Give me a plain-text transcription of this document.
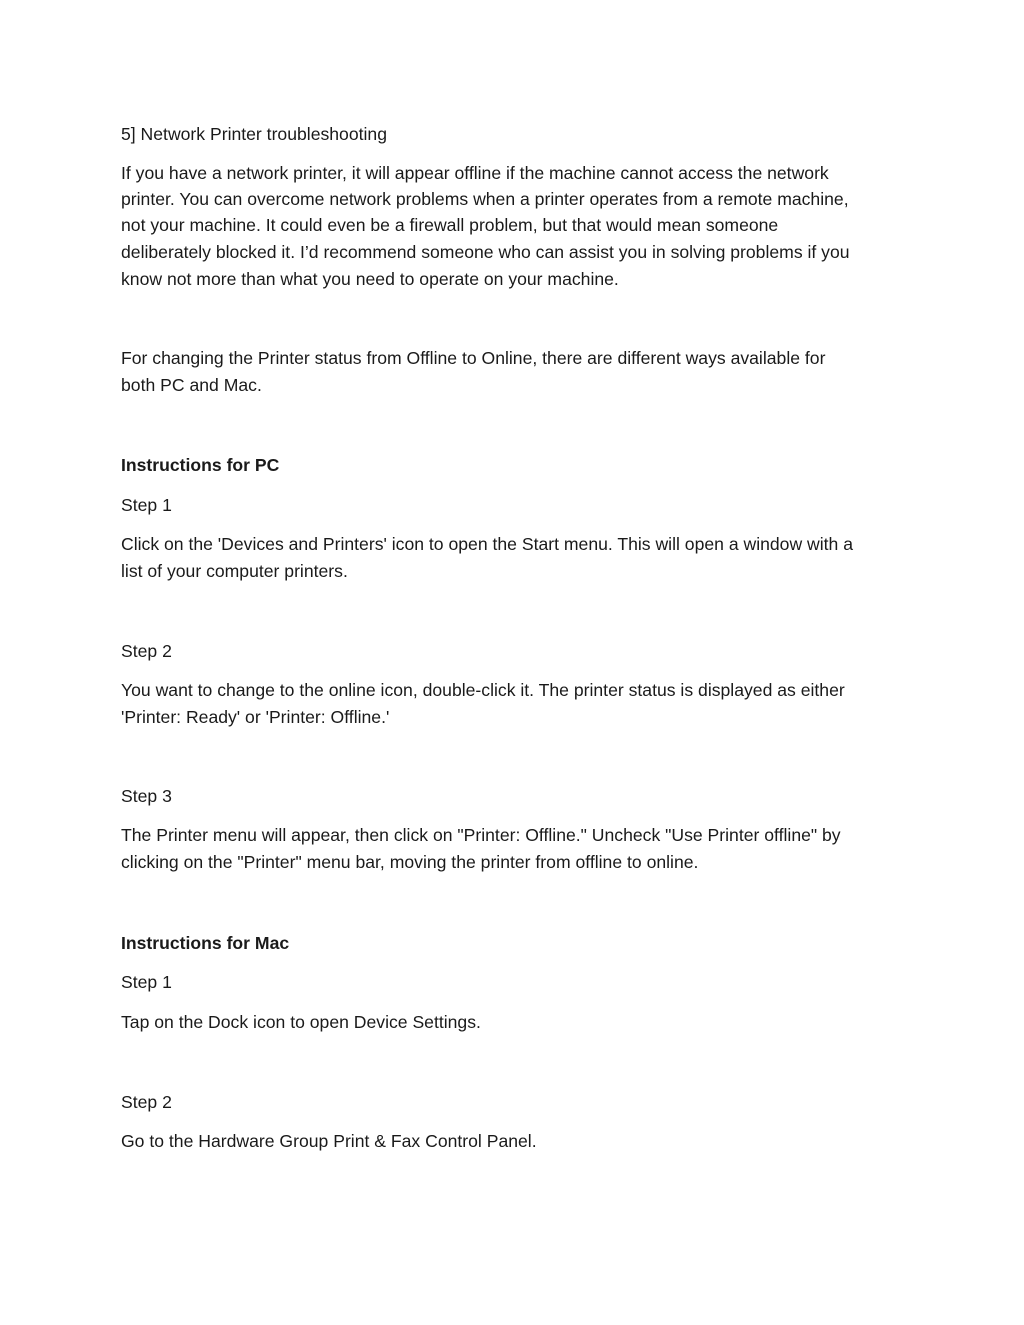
5] Network Printer troubleshooting

If you have a network printer, it will appear offline if the machine cannot access the network

printer. You can overcome network problems when a printer operates from a remote machine,

not your machine. It could even be a firewall problem, but that would mean someone

deliberately blocked it. I’d recommend someone who can assist you in solving problems if you

know not more than what you need to operate on your machine.

For changing the Printer status from Offline to Online, there are different ways available for

both PC and Mac.

Instructions for PC

Step 1

Click on the 'Devices and Printers' icon to open the Start menu. This will open a window with a

list of your computer printers.

Step 2

You want to change to the online icon, double-click it. The printer status is displayed as either

'Printer: Ready' or 'Printer: Offline.'

Step 3

The Printer menu will appear, then click on "Printer: Offline." Uncheck "Use Printer offline" by

clicking on the "Printer" menu bar, moving the printer from offline to online.

Instructions for Mac

Step 1

Tap on the Dock icon to open Device Settings.

Step 2

Go to the Hardware Group Print & Fax Control Panel.
